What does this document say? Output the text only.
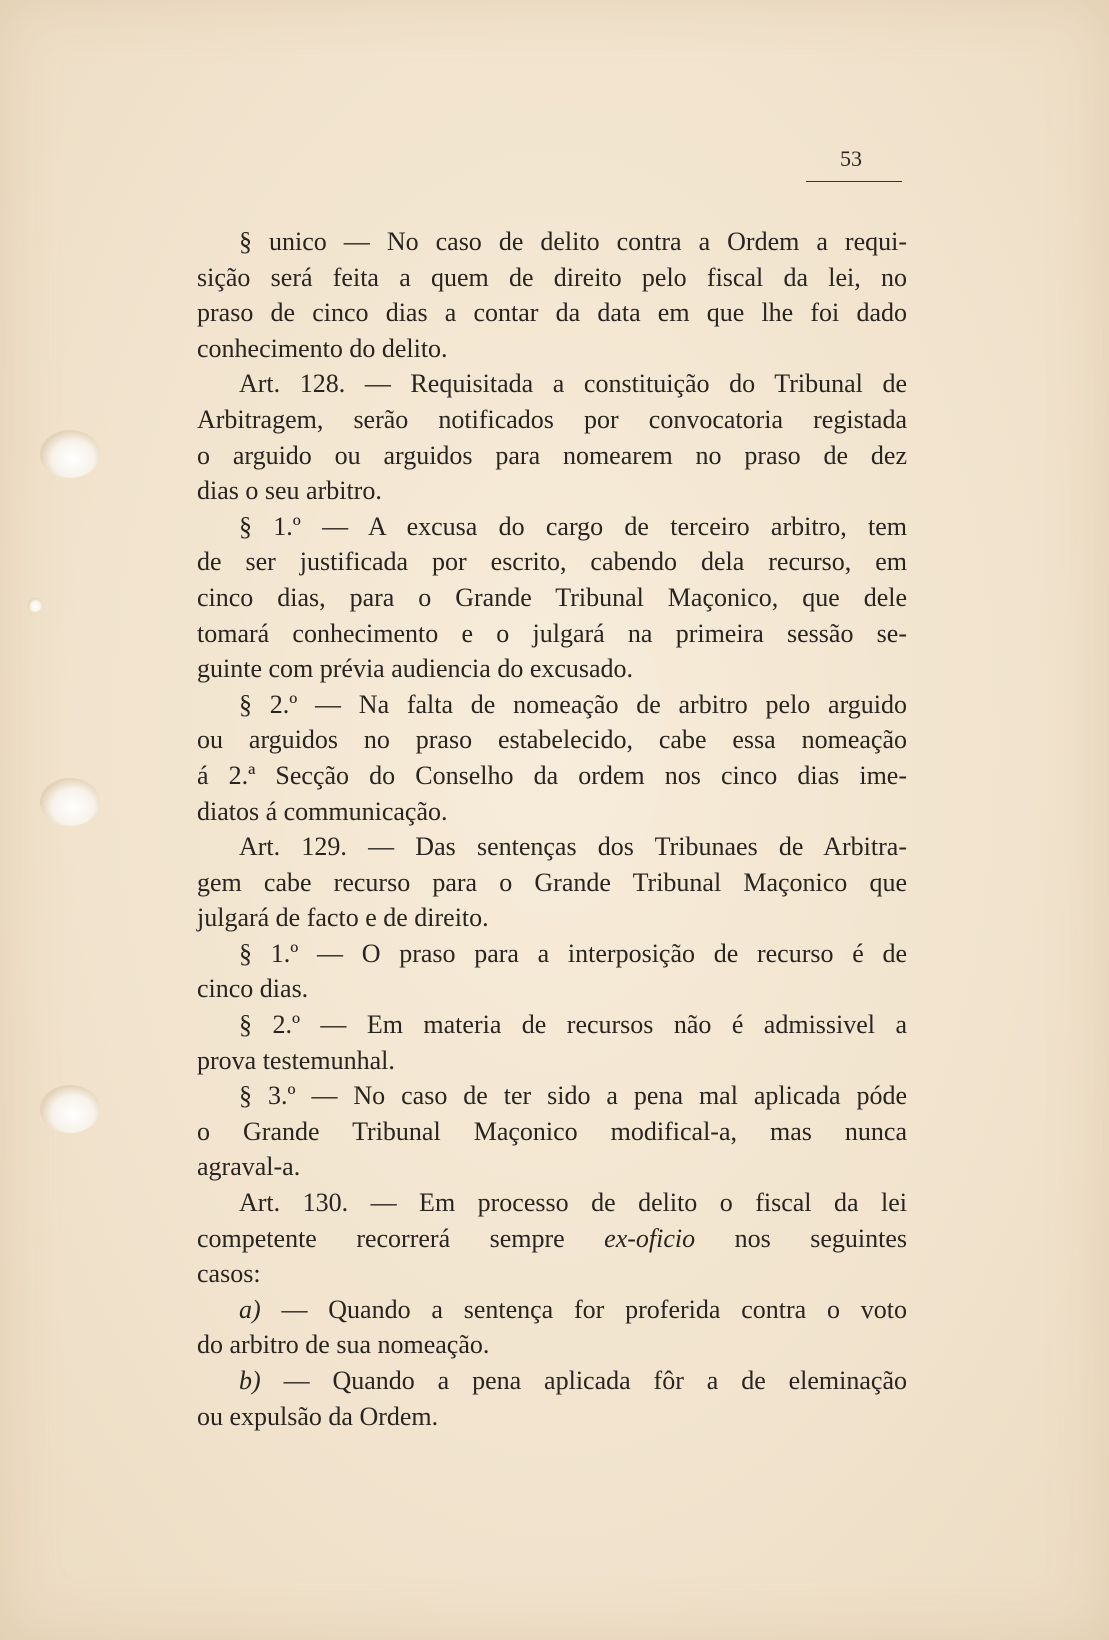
53
§ unico — No caso de delito contra a Ordem a requi-
sição será feita a quem de direito pelo fiscal da lei, no
praso de cinco dias a contar da data em que lhe foi dado
conhecimento do delito.
Art. 128. — Requisitada a constituição do Tribunal de
Arbitragem, serão notificados por convocatoria registada
o arguido ou arguidos para nomearem no praso de dez
dias o seu arbitro.
§ 1.º — A excusa do cargo de terceiro arbitro, tem
de ser justificada por escrito, cabendo dela recurso, em
cinco dias, para o Grande Tribunal Maçonico, que dele
tomará conhecimento e o julgará na primeira sessão se-
guinte com prévia audiencia do excusado.
§ 2.º — Na falta de nomeação de arbitro pelo arguido
ou arguidos no praso estabelecido, cabe essa nomeação
á 2.ª Secção do Conselho da ordem nos cinco dias ime-
diatos á communicação.
Art. 129. — Das sentenças dos Tribunaes de Arbitra-
gem cabe recurso para o Grande Tribunal Maçonico que
julgará de facto e de direito.
§ 1.º — O praso para a interposição de recurso é de
cinco dias.
§ 2.º — Em materia de recursos não é admissivel a
prova testemunhal.
§ 3.º — No caso de ter sido a pena mal aplicada póde
o Grande Tribunal Maçonico modifical-a, mas nunca
agraval-a.
Art. 130. — Em processo de delito o fiscal da lei
competente recorrerá sempre ex-oficio nos seguintes
casos:
a) — Quando a sentença for proferida contra o voto
do arbitro de sua nomeação.
b) — Quando a pena aplicada fôr a de eleminação
ou expulsão da Ordem.
